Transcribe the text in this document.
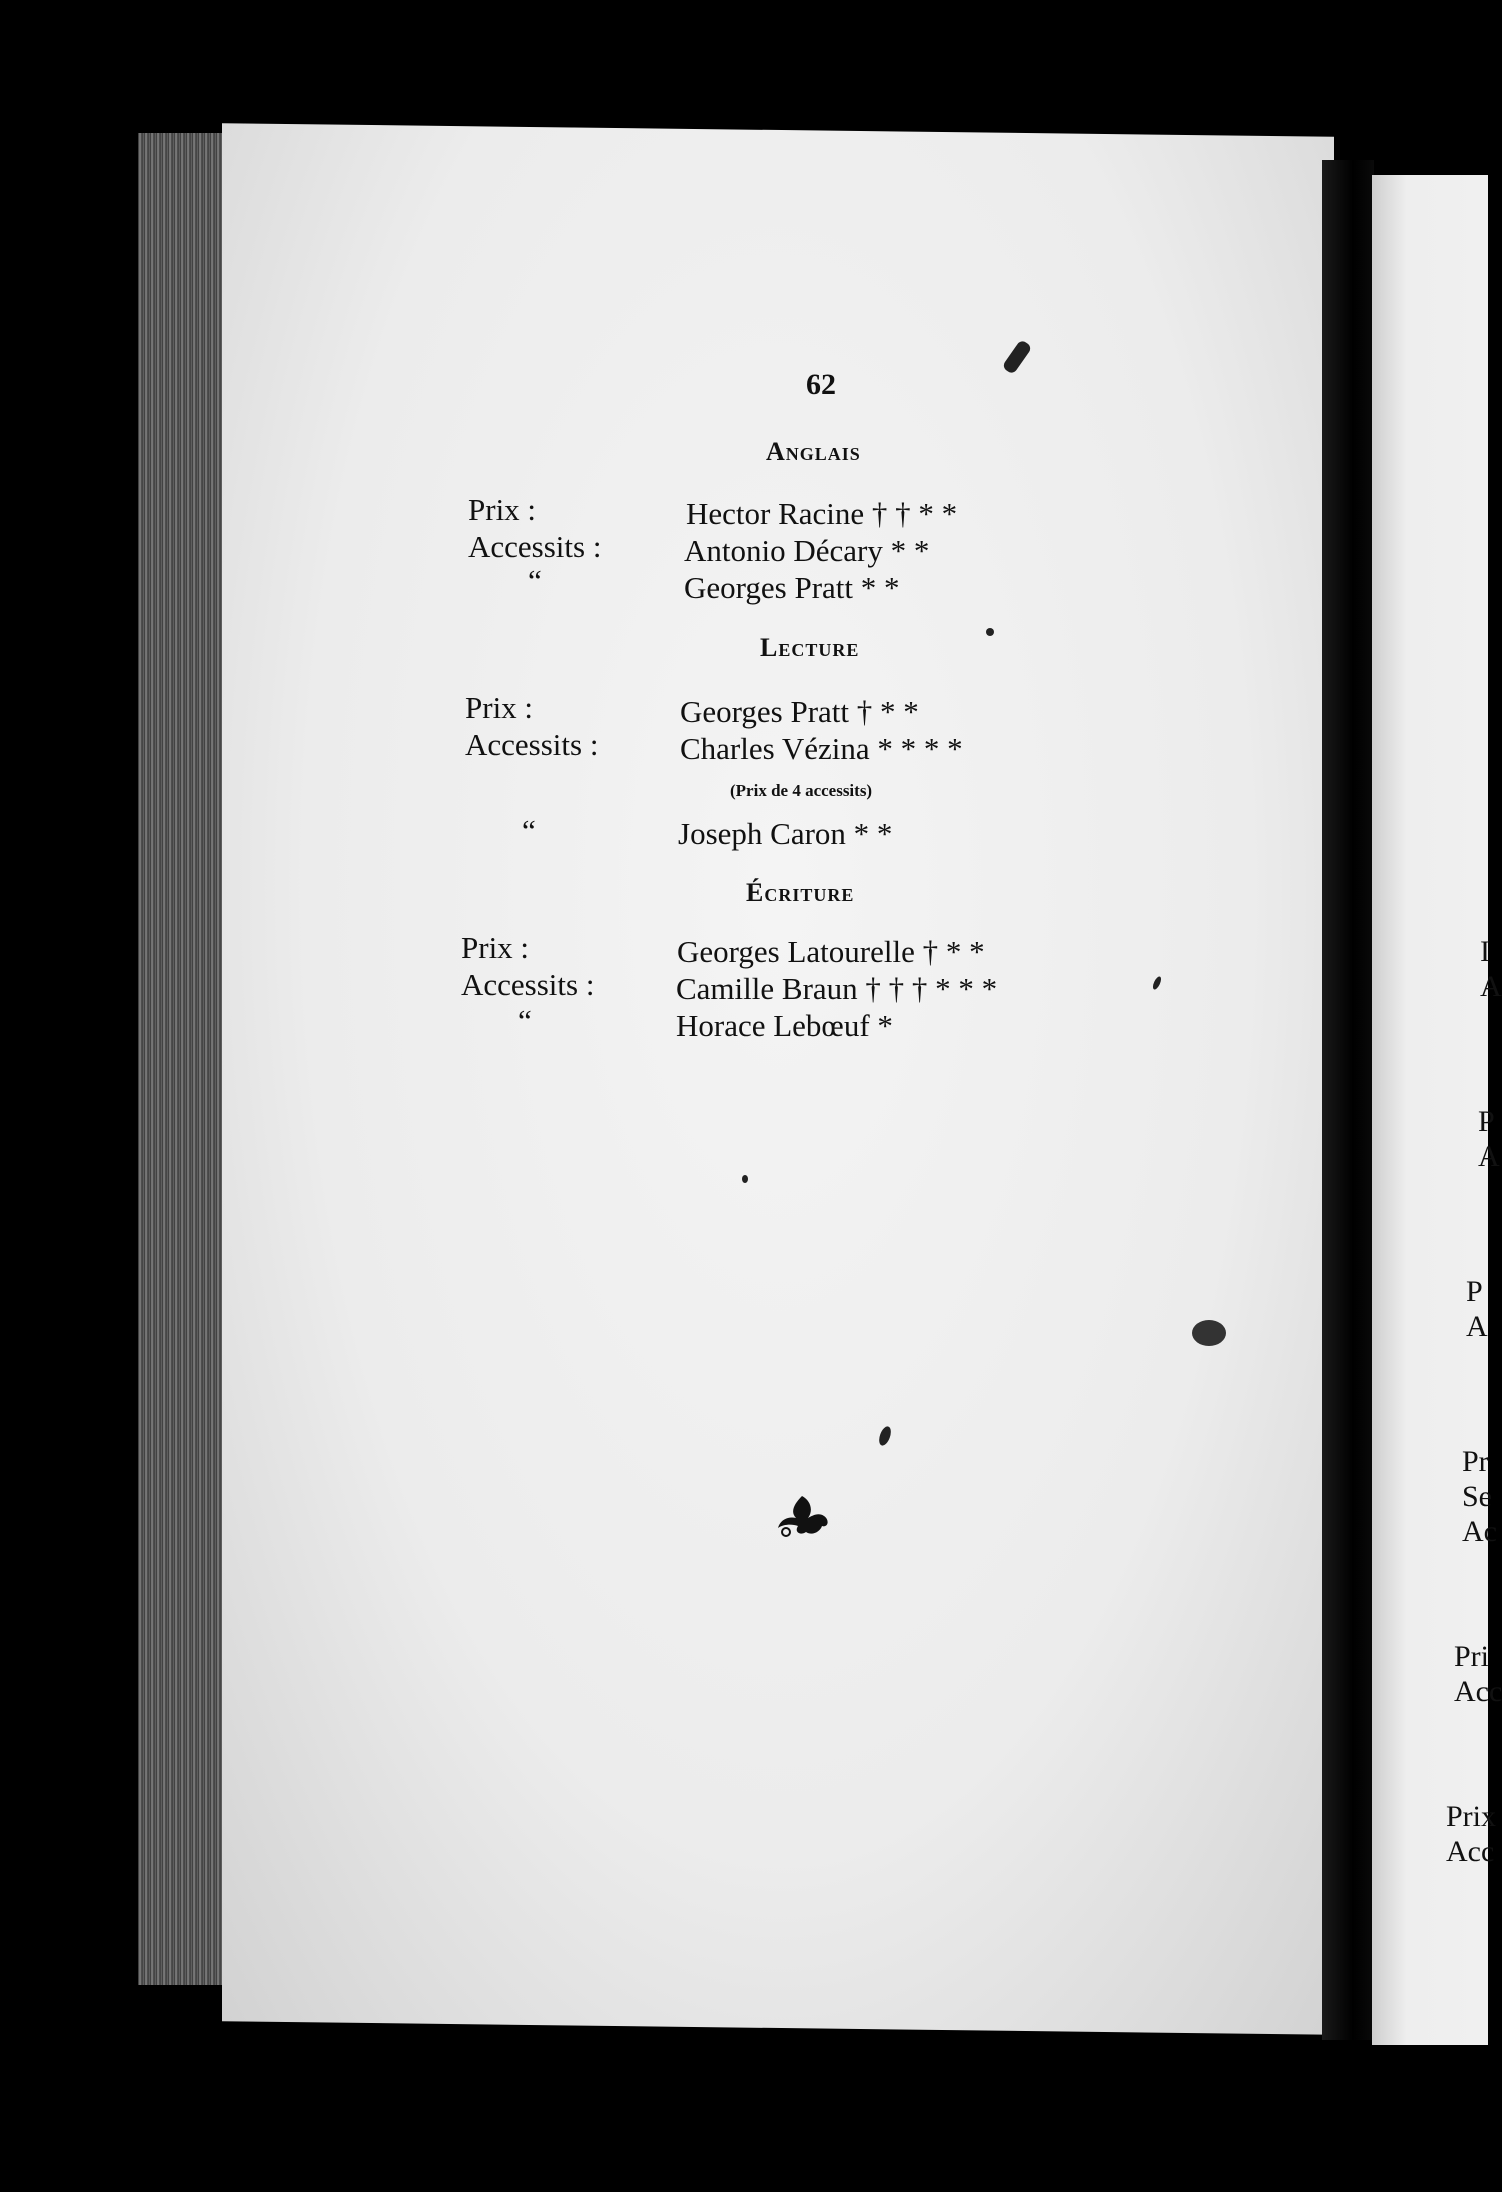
I
A
P
A
P
A
Pr
Se
Ac
Pri
Acc
Prix
Acc
62
Anglais
Prix :	Hector Racine † † * *
Accessits :	Antonio Décary * *
“	Georges Pratt * *
Lecture
Prix :	Georges Pratt † * *
Accessits :	Charles Vézina * * * *
(Prix de 4 accessits)
“	Joseph Caron * *
Écriture
Prix :	Georges Latourelle † * *
Accessits :	Camille Braun † † † * * *
“	Horace Lebœuf *
